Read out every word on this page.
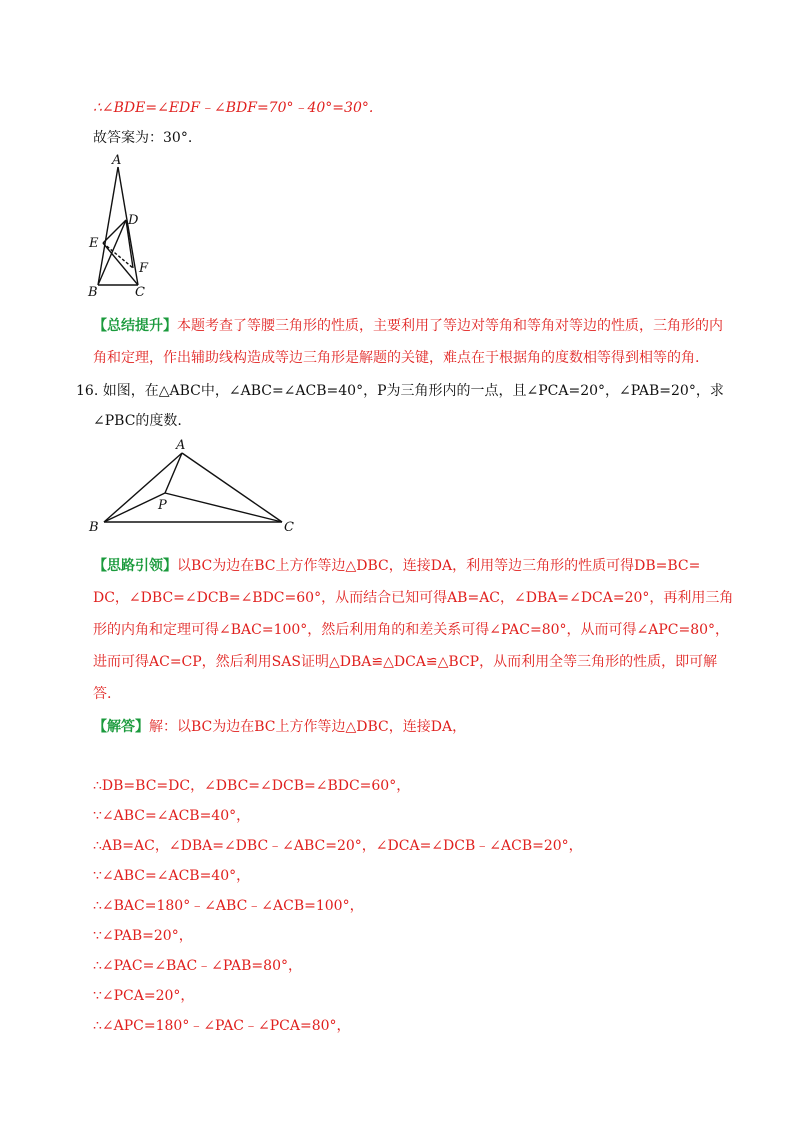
∴∠BDE=∠EDF﹣∠BDF=70°﹣40°=30°.
故答案为：30°.
A
D
E
F
B	C
【总结提升】本题考查了等腰三角形的性质，主要利用了等边对等角和等角对等边的性质，三角形的内
角和定理，作出辅助线构造成等边三角形是解题的关键，难点在于根据角的度数相等得到相等的角.
16. 如图，在△ABC中，∠ABC=∠ACB=40°，P为三角形内的一点，且∠PCA=20°，∠PAB=20°，求
∠PBC的度数.
A
P
B	C
【思路引领】以BC为边在BC上方作等边△DBC，连接DA，利用等边三角形的性质可得DB=BC=
DC，∠DBC=∠DCB=∠BDC=60°，从而结合已知可得AB=AC，∠DBA=∠DCA=20°，再利用三角
形的内角和定理可得∠BAC=100°，然后利用角的和差关系可得∠PAC=80°，从而可得∠APC=80°，
进而可得AC=CP，然后利用SAS证明△DBA≌△DCA≌△BCP，从而利用全等三角形的性质，即可解
答.
【解答】解：以BC为边在BC上方作等边△DBC，连接DA，
∴DB=BC=DC，∠DBC=∠DCB=∠BDC=60°，
∵∠ABC=∠ACB=40°，
∴AB=AC，∠DBA=∠DBC﹣∠ABC=20°，∠DCA=∠DCB﹣∠ACB=20°，
∵∠ABC=∠ACB=40°，
∴∠BAC=180°﹣∠ABC﹣∠ACB=100°，
∵∠PAB=20°，
∴∠PAC=∠BAC﹣∠PAB=80°，
∵∠PCA=20°，
∴∠APC=180°﹣∠PAC﹣∠PCA=80°，
